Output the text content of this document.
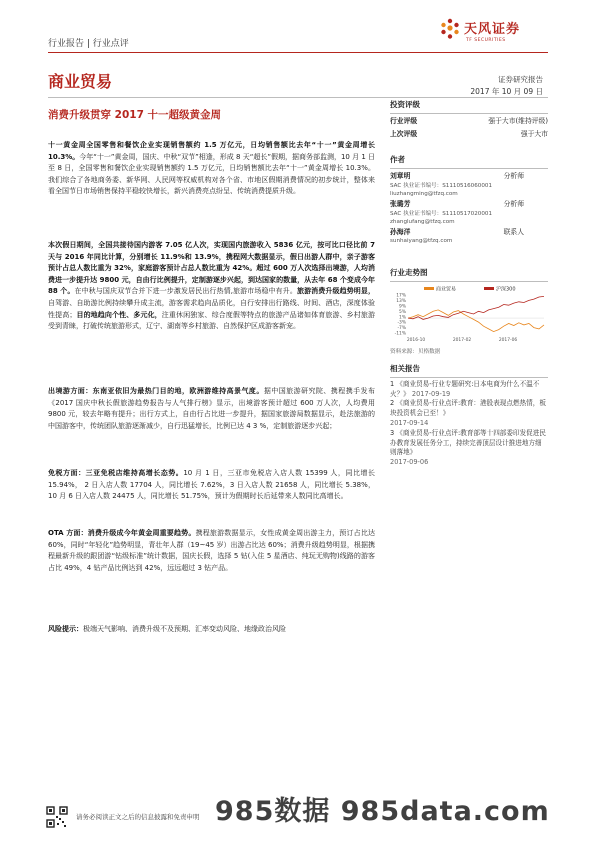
天风证券
TF SECURITIES
行业报告 | 行业点评
商业贸易	证券研究报告
2017 年 10 月 09 日
消费升级贯穿 2017 十一超级黄金周
十一黄金周全国零售和餐饮企业实现销售额约 1.5 万亿元，日均销售额比去年“十一”黄金周增长 10.3%。今年“十一”黄金周，国庆、中秋“双节”相逢，形成 8 天“超长”假期，据商务部监测，10 月 1 日至 8 日，全国零售和餐饮企业实现销售额约 1.5 万亿元，日均销售额比去年“十一”黄金周增长 10.3%。我们综合了各地商务委、新华网、人民网等权威机构对各个省、市地区假期消费情况的初步统计，整体来看全国节日市场销售保持平稳较快增长，新兴消费亮点纷呈、传统消费提质升级。
本次假日期间，全国共接待国内游客 7.05 亿人次，实现国内旅游收入 5836 亿元，按可比口径比前 7 天与 2016 年同比计算，分别增长 11.9%和 13.9%，携程网大数据显示，假日出游人群中，亲子游客预计占总人数比重为 32%，家庭游客预计占总人数比重为 42%。超过 600 万人次选择出境游，人均消费进一步提升达 9800 元，自由行比例提升，定制游逐步兴起，到达国家的数量，从去年 68 个变成今年 88 个。在中秋与国庆双节合并下进一步激发居民出行热情,旅游市场稳中有升。旅游消费升级趋势明显，自驾游、自助游比例持续攀升成主流，游客需求趋向品质化，自行安排出行路线、时间、酒店，深度体验性提高；目的地趋向个性、多元化，注重休闲独家、综合度假等特点的旅游产品诸如体育旅游、乡村旅游受到青睐，打破传统旅游形式，辽宁、湖南等乡村旅游、自然保护区成游客新宠。
出境游方面：东南亚依旧为最热门目的地，欧洲游维持高景气度。据中国旅游研究院、携程携手发布《2017 国庆中秋长假旅游趋势报告与人气排行榜》显示，出境游客预计超过 600 万人次，人均费用 9800 元，较去年略有提升；出行方式上，自由行占比进一步提升，据国家旅游局数据显示，赴法旅游的中国游客中，传统团队旅游逐渐减少，自行迅猛增长，比例已达 4 3 %，定制旅游逐步兴起；
免税方面：三亚免税店维持高增长态势。10 月 1 日，三亚市免税店入店人数 15399 人，同比增长 15.94%， 2 日入店人数 17704 人，同比增长 7.62%，3 日入店人数 21658 人，同比增长 5.38%，10 月 6 日入店人数 24475 人，同比增长 51.75%，预计为假期时长后延带来人数同比高增长。
OTA 方面：消费升级成今年黄金周重要趋势。携程旅游数据显示，女性成黄金周出游主力，预订占比达 60%，同时“年轻化”趋势明显，青壮年人群（19~45 岁）出游占比达 60%；消费升级趋势明显，根据携程最新升级的跟团游“钻级标准”统计数据，国庆长假，选择 5 钻(入住 5 星酒店、纯玩无购物)线路的游客占比 49%，4 钻产品比例达到 42%，远远超过 3 钻产品。
风险提示：极端天气影响、消费升级不及预期、汇率变动风险、地缘政治风险
投资评级
行业评级	强于大市(维持评级)
上次评级	强于大市
作者
刘章明	分析师
SAC 执业证书编号：S1110516060001
liuzhangming@tfzq.com
张璐芳	分析师
SAC 执业证书编号：S1110517020001
zhanglufang@tfzq.com
孙海洋	联系人
sunhaiyang@tfzq.com
行业走势图
商业贸易	沪深300
17%
13%
9%
5%
1%
-3%
-7%
-11%
2016-10	2017-02	2017-06
资料来源：贝格数据
相关报告
1 《商业贸易-行业专题研究:日本电商为什么不温不火？》 2017-09-19
2 《商业贸易-行业点评:教育：港股表现点燃热情，板块投资机会已至！》
2017-09-14
3 《商业贸易-行业点评:教育部等十四部委印发促进民办教育发展任务分工，持续完善顶层设计推进地方细则落地》
2017-09-06
请务必阅读正文之后的信息披露和免责申明 985数据 985data.com
